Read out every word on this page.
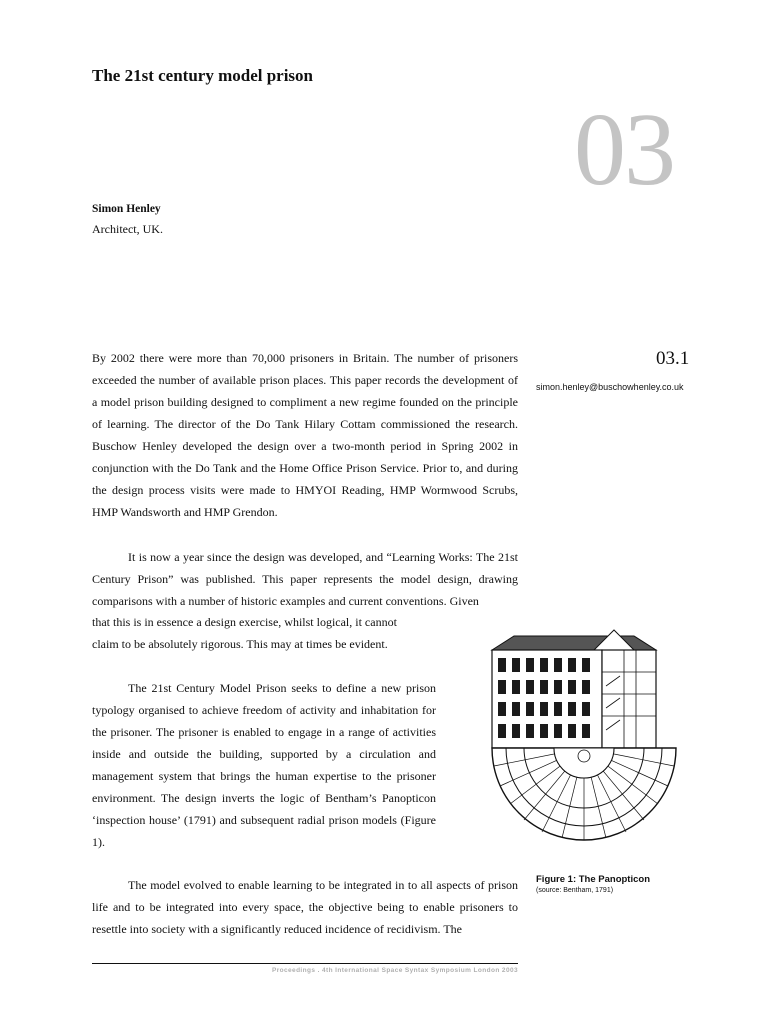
The 21st century model prison
03
Simon Henley
Architect, UK.
03.1
simon.henley@buschowhenley.co.uk

By 2002 there were more than 70,000 prisoners in Britain. The number of prisoners exceeded the number of available prison places. This paper records the development of a model prison building designed to compliment a new regime founded on the principle of learning. The director of the Do Tank Hilary Cottam commissioned the research. Buschow Henley developed the design over a two-month period in Spring 2002 in conjunction with the Do Tank and the Home Office Prison Service. Prior to, and during the design process visits were made to HMYOI Reading, HMP Wormwood Scrubs, HMP Wandsworth and HMP Grendon.

It is now a year since the design was developed, and “Learning Works: The 21st Century Prison” was published. This paper represents the model design, drawing comparisons with a number of historic examples and current conventions. Given

that this is in essence a design exercise, whilst logical, it cannot

claim to be absolutely rigorous. This may at times be evident.

The 21st Century Model Prison seeks to define a new prison typology organised to achieve freedom of activity and inhabitation for the prisoner. The prisoner is enabled to engage in a range of activities inside and outside the building, supported by a circulation and management system that brings the human expertise to the prisoner environment. The design inverts the logic of Bentham’s Panopticon ‘inspection house’ (1791) and subsequent radial prison models (Figure 1).

The model evolved to enable learning to be integrated in to all aspects of prison life and to be integrated into every space, the objective being to enable prisoners to resettle into society with a significantly reduced incidence of recidivism. The

Figure 1: The Panopticon
(source: Bentham, 1791)
Proceedings . 4th International Space Syntax Symposium London 2003
